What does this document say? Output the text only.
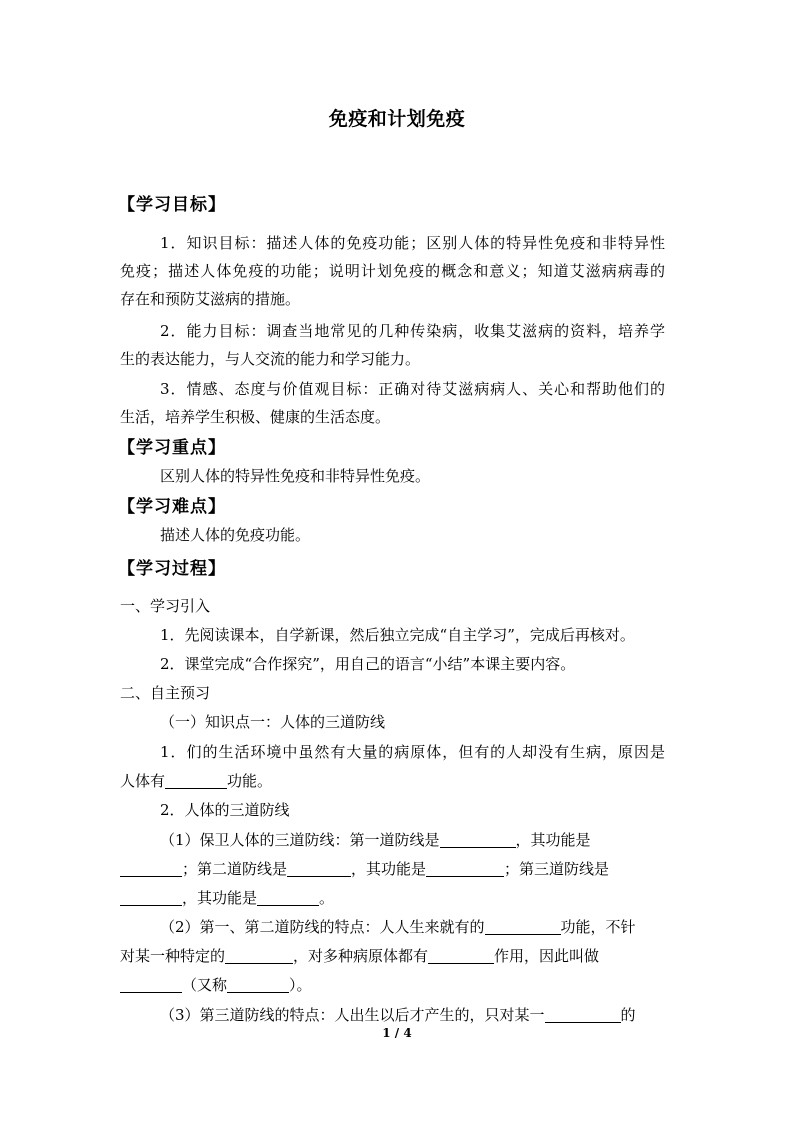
免疫和计划免疫
【学习目标】
1．知识目标：描述人体的免疫功能；区别人体的特异性免疫和非特异性
免疫；描述人体免疫的功能；说明计划免疫的概念和意义；知道艾滋病病毒的
存在和预防艾滋病的措施。
2．能力目标：调查当地常见的几种传染病，收集艾滋病的资料，培养学
生的表达能力，与人交流的能力和学习能力。
3．情感、态度与价值观目标：正确对待艾滋病病人、关心和帮助他们的
生活，培养学生积极、健康的生活态度。
【学习重点】
区别人体的特异性免疫和非特异性免疫。
【学习难点】
描述人体的免疫功能。
【学习过程】
一、学习引入
1．先阅读课本，自学新课，然后独立完成“自主学习”，完成后再核对。
2．课堂完成“合作探究”，用自己的语言“小结”本课主要内容。
二、自主预习
（一）知识点一：人体的三道防线
1．们的生活环境中虽然有大量的病原体，但有的人却没有生病，原因是
人体有	功能。
2．人体的三道防线
（1）保卫人体的三道防线：第一道防线是	，其功能是
；第二道防线是	，其功能是	；第三道防线是
，其功能是	。
（2）第一、第二道防线的特点：人人生来就有的	功能，不针
对某一种特定的	，对多种病原体都有	作用，因此叫做
（又称	）。
（3）第三道防线的特点：人出生以后才产生的，只对某一	的
1 / 4
